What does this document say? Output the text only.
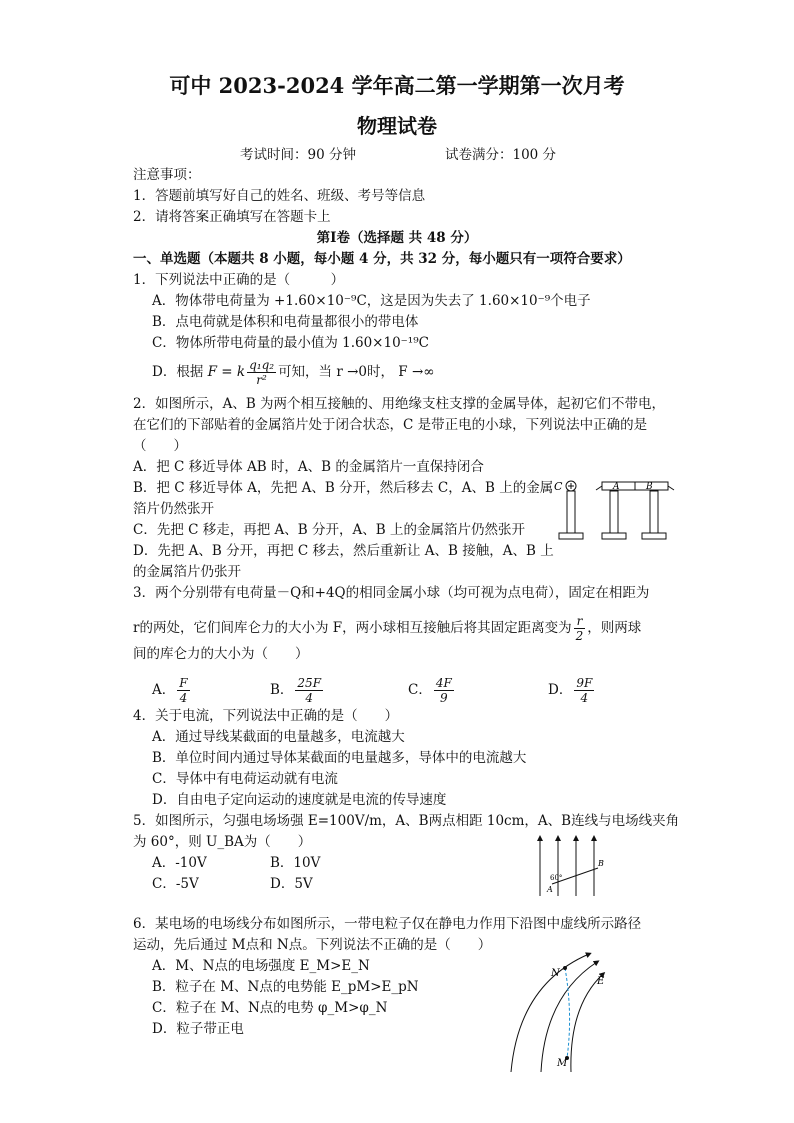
可中 2023-2024 学年高二第一学期第一次月考
物理试卷
考试时间：90 分钟	试卷满分：100 分
注意事项：
1．答题前填写好自己的姓名、班级、考号等信息
2．请将答案正确填写在答题卡上
第Ⅰ卷（选择题 共 48 分）
一、单选题（本题共 8 小题，每小题 4 分，共 32 分，每小题只有一项符合要求）
1．下列说法中正确的是（　　　）
A．物体带电荷量为 +1.60×10⁻⁹C，这是因为失去了 1.60×10⁻⁹个电子
B．点电荷就是体积和电荷量都很小的带电体
C．物体所带电荷量的最小值为 1.60×10⁻¹⁹C
D．根据 F = k $\frac{\text{q₁q₂}}{\text{r²}}$ 可知，当 r →0时， F →∞
2．如图所示，A、B 为两个相互接触的、用绝缘支柱支撑的金属导体，起初它们不带电，
在它们的下部贴着的金属箔片处于闭合状态，C 是带正电的小球，下列说法中正确的是
（　　）
A．把 C 移近导体 AB 时，A、B 的金属箔片一直保持闭合
B．把 C 移近导体 A，先把 A、B 分开，然后移去 C，A、B 上的金属
箔片仍然张开
C．先把 C 移走，再把 A、B 分开，A、B 上的金属箔片仍然张开
D．先把 A、B 分开，再把 C 移去，然后重新让 A、B 接触，A、B 上
的金属箔片仍张开
C	A	B
3．两个分别带有电荷量－Q和+4Q的相同金属小球（均可视为点电荷），固定在相距为
r的两处，它们间库仑力的大小为 F，两小球相互接触后将其固定距离变为 $\frac{r}{2}$ ，则两球
间的库仑力的大小为（　　）
A． $\frac{F}{4}$	B． $\frac{25F}{4}$	C． $\frac{4F}{9}$	D． $\frac{9F}{4}$
4．关于电流，下列说法中正确的是（　　）
A．通过导线某截面的电量越多，电流越大
B．单位时间内通过导体某截面的电量越多，导体中的电流越大
C．导体中有电荷运动就有电流
D．自由电子定向运动的速度就是电流的传导速度
5．如图所示，匀强电场场强 E=100V/m，A、B两点相距 10cm，A、B连线与电场线夹角
为 60°，则 U_BA为（　　）
A．-10V	B．10V
C．-5V	D．5V	A
B
60°
6．某电场的电场线分布如图所示，一带电粒子仅在静电力作用下沿图中虚线所示路径
运动，先后通过 M点和 N点。下列说法不正确的是（　　）
A．M、N点的电场强度 E_M>E_N
B．粒子在 M、N点的电势能 E_pM>E_pN
C．粒子在 M、N点的电势 φ_M>φ_N
D．粒子带正电
N
M
E
